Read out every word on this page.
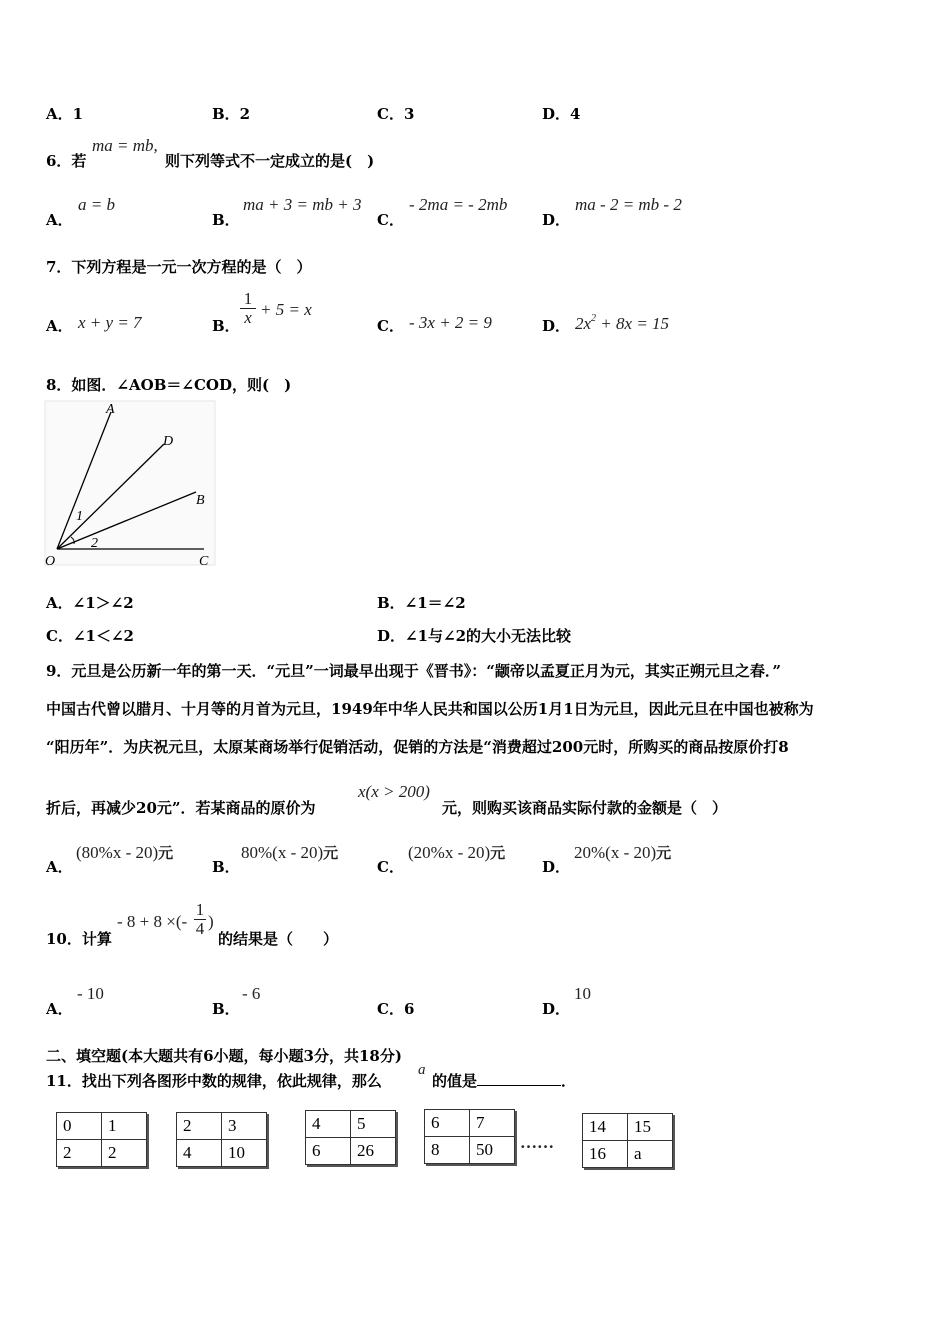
A．1	B．2	C．3	D．4
6．若
ma = mb,
则下列等式不一定成立的是(　)
A．
a = b
B．
ma + 3 = mb + 3
C．
- 2ma = - 2mb
D．
ma - 2 = mb - 2
7．下列方程是一元一次方程的是（　）
A． x + y = 7	B．
1
x + 5 = x
C． - 3x + 2 = 9	D． $2x^2 + 8x = 15$
8．如图．∠AOB＝∠COD，则(　)
A
D
B
O	C
1
2
A．∠1＞∠2	B．∠1＝∠2
C．∠1＜∠2	D．∠1与∠2的大小无法比较
9．元旦是公历新一年的第一天．“元旦”一词最早出现于《晋书》：“颛帝以孟夏正月为元，其实正朔元旦之春．”
中国古代曾以腊月、十月等的月首为元旦，1949年中华人民共和国以公历1月1日为元旦，因此元旦在中国也被称为
“阳历年”．为庆祝元旦，太原某商场举行促销活动，促销的方法是“消费超过200元时，所购买的商品按原价打8
折后，再减少20元”．若某商品的原价为
x(x > 200)
元，则购买该商品实际付款的金额是（　）
A．
(80%x - 20)元
B．
80%(x - 20)元
C．
(20%x - 20)元
D．
20%(x - 20)元
10．计算
- 8 + 8 ×(-
1
4 )
的结果是（　　）
A．
- 10
B．
- 6
C．6	D．
10
二、填空题(本大题共有6小题，每小题3分，共18分)
11．找出下列各图形中数的规律，依此规律，那么
a
的值是	．
0	1
2	2
2	3
4	10
4	5
6	26
6	7
8	50 ……
14	15
16	a
